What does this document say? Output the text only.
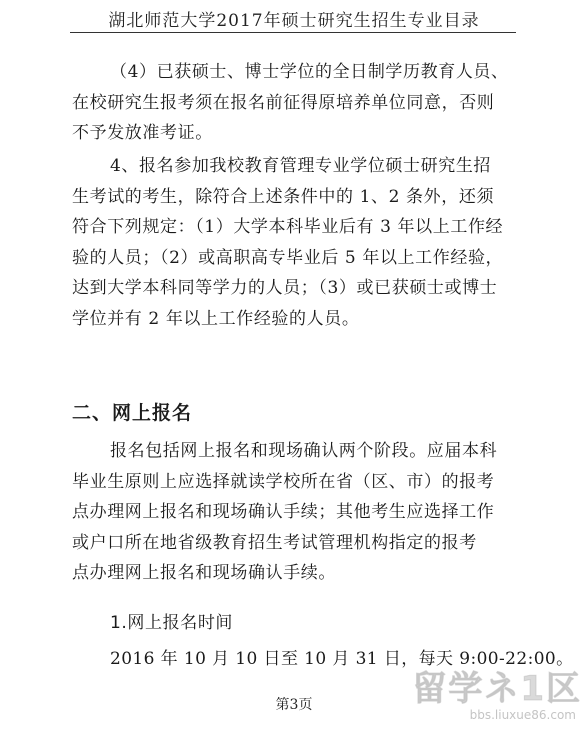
湖北师范大学2017年硕士研究生招生专业目录
（4）已获硕士、博士学位的全日制学历教育人员、
在校研究生报考须在报名前征得原培养单位同意，否则
不予发放准考证。
4、报名参加我校教育管理专业学位硕士研究生招
生考试的考生，除符合上述条件中的 1、2 条外，还须
符合下列规定：（1）大学本科毕业后有 3 年以上工作经
验的人员；（2）或高职高专毕业后 5 年以上工作经验，
达到大学本科同等学力的人员；（3）或已获硕士或博士
学位并有 2 年以上工作经验的人员。
二、网上报名
报名包括网上报名和现场确认两个阶段。应届本科
毕业生原则上应选择就读学校所在省（区、市）的报考
点办理网上报名和现场确认手续；其他考生应选择工作
或户口所在地省级教育招生考试管理机构指定的报考
点办理网上报名和现场确认手续。
1.网上报名时间
2016 年 10 月 10 日至 10 月 31 日，每天 9:00-22:00。
第3页	留学ネ1区
bbs.liuxue86.com
